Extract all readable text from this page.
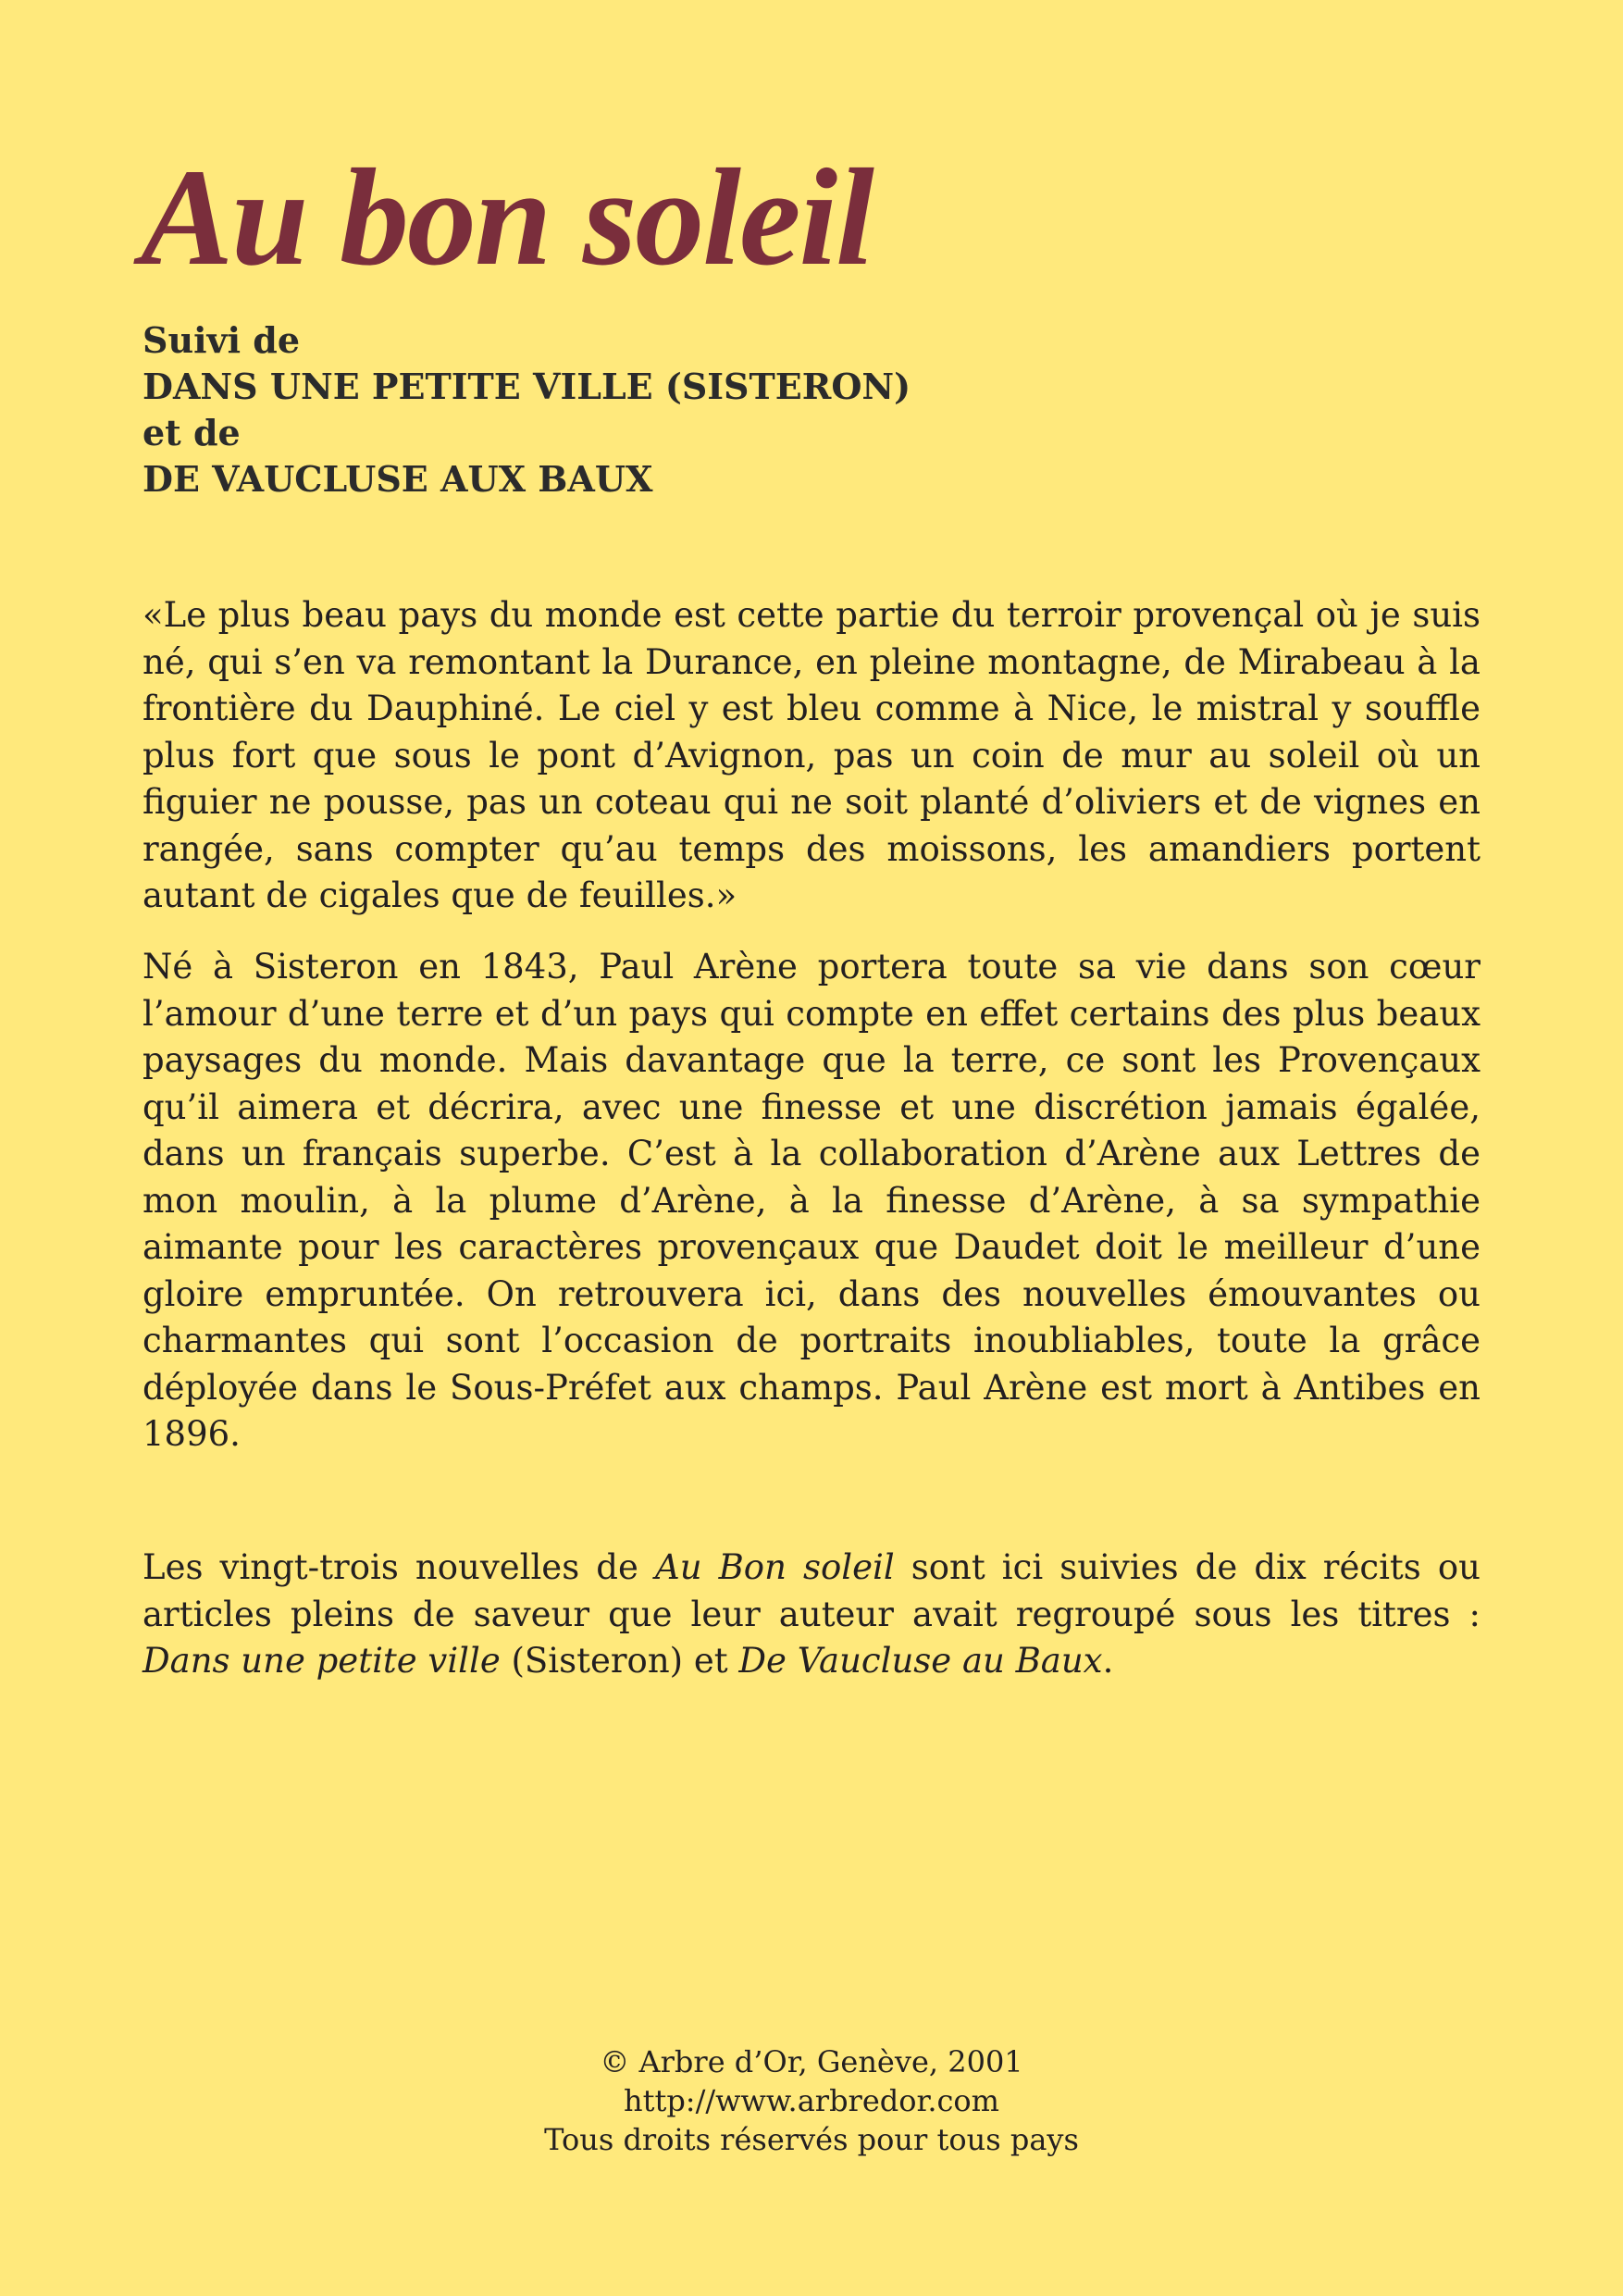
Au bon soleil
Suivi de
DANS UNE PETITE VILLE (SISTERON)
et de
DE VAUCLUSE AUX BAUX

«Le plus beau pays du monde est cette partie du terroir provençal où je suis né, qui s’en va remontant la Durance, en pleine montagne, de Mirabeau à la frontière du Dauphiné. Le ciel y est bleu comme à Nice, le mistral y souffle plus fort que sous le pont d’Avignon, pas un coin de mur au soleil où un figuier ne pousse, pas un coteau qui ne soit planté d’oliviers et de vignes en rangée, sans compter qu’au temps des moissons, les amandiers portent autant de cigales que de feuilles.»

Né à Sisteron en 1843, Paul Arène portera toute sa vie dans son cœur l’amour d’une terre et d’un pays qui compte en effet certains des plus beaux paysages du monde. Mais davantage que la terre, ce sont les Provençaux qu’il aimera et décrira, avec une finesse et une discrétion jamais égalée, dans un français superbe. C’est à la collaboration d’Arène aux Lettres de mon moulin, à la plume d’Arène, à la finesse d’Arène, à sa sympathie aimante pour les caractères provençaux que Daudet doit le meilleur d’une gloire empruntée. On retrouvera ici, dans des nouvelles émouvantes ou charmantes qui sont l’occasion de portraits inoubliables, toute la grâce déployée dans le Sous-Préfet aux champs. Paul Arène est mort à Antibes en 1896.

Les vingt-trois nouvelles de Au Bon soleil sont ici suivies de dix récits ou articles pleins de saveur que leur auteur avait regroupé sous les titres : Dans une petite ville (Sisteron) et De Vaucluse au Baux.

© Arbre d’Or, Genève, 2001
http://www.arbredor.com
Tous droits réservés pour tous pays
